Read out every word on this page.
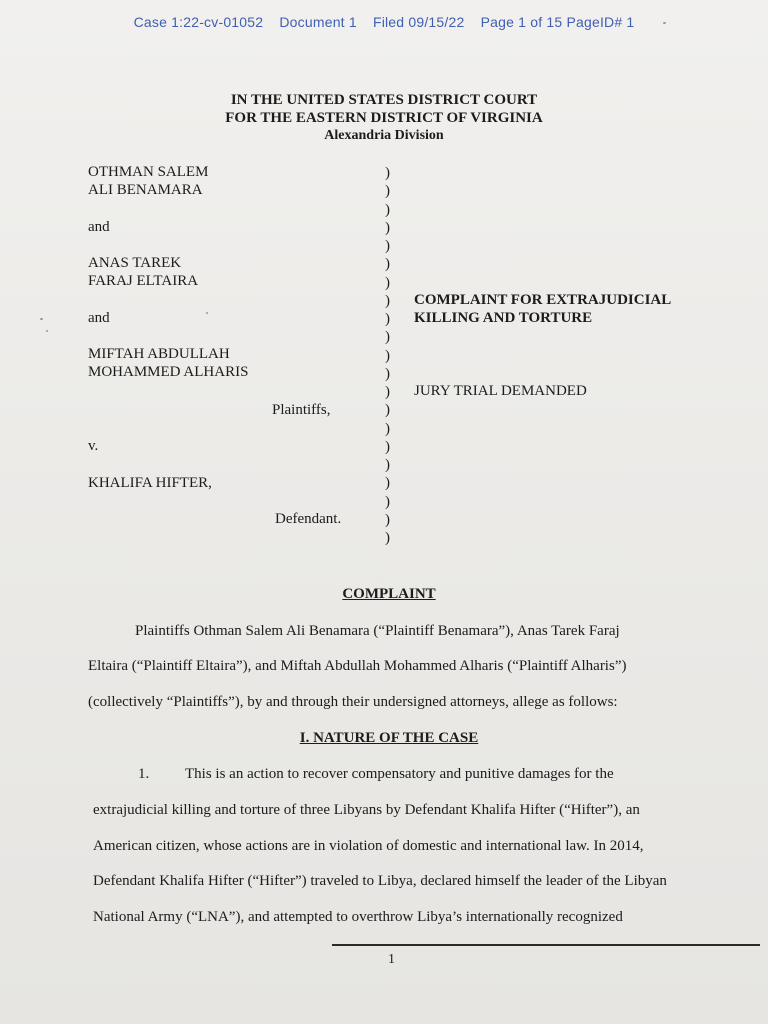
Case 1:22-cv-01052 Document 1 Filed 09/15/22 Page 1 of 15 PageID# 1
IN THE UNITED STATES DISTRICT COURT
FOR THE EASTERN DISTRICT OF VIRGINIA
Alexandria Division
OTHMAN SALEM
ALI BENAMARA
and
ANAS TAREK
FARAJ ELTAIRA
and
MIFTAH ABDULLAH
MOHAMMED ALHARIS
Plaintiffs,
v.
KHALIFA HIFTER,
Defendant.
)
)
)
)
)
)
)
)
)
)
)
)
)
)
)
)
)
)
)
)
)
COMPLAINT FOR EXTRAJUDICIAL
KILLING AND TORTURE
JURY TRIAL DEMANDED
COMPLAINT
Plaintiffs Othman Salem Ali Benamara (“Plaintiff Benamara”), Anas Tarek Faraj
Eltaira (“Plaintiff Eltaira”), and Miftah Abdullah Mohammed Alharis (“Plaintiff Alharis”)
(collectively “Plaintiffs”), by and through their undersigned attorneys, allege as follows:
I. NATURE OF THE CASE
1. This is an action to recover compensatory and punitive damages for the
extrajudicial killing and torture of three Libyans by Defendant Khalifa Hifter (“Hifter”), an
American citizen, whose actions are in violation of domestic and international law. In 2014,
Defendant Khalifa Hifter (“Hifter”) traveled to Libya, declared himself the leader of the Libyan
National Army (“LNA”), and attempted to overthrow Libya’s internationally recognized
1
